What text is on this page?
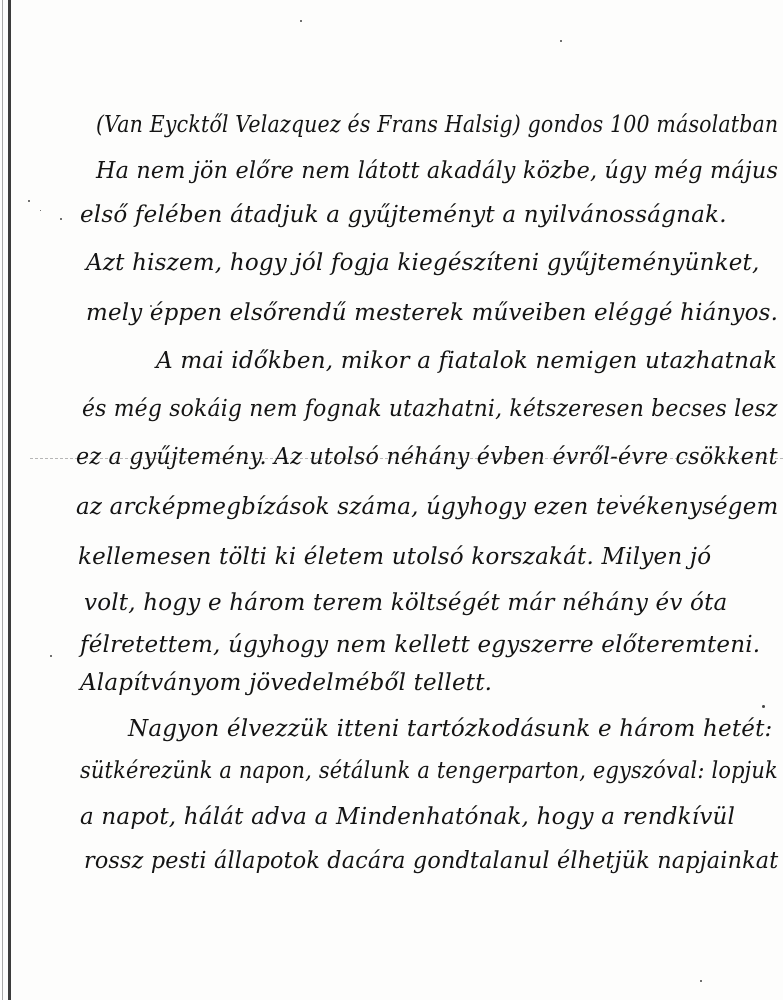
(Van Eycktől Velazquez és Frans Halsig) gondos 100 másolatban
Ha nem jön előre nem látott akadály közbe, úgy még május
első felében átadjuk a gyűjteményt a nyilvánosságnak.
Azt hiszem, hogy jól fogja kiegészíteni gyűjteményünket,
mely éppen elsőrendű mesterek műveiben eléggé hiányos.
A mai időkben, mikor a fiatalok nemigen utazhatnak
és még sokáig nem fognak utazhatni, kétszeresen becses lesz
ez a gyűjtemény. Az utolsó néhány évben évről-évre csökkent
az arcképmegbízások száma, úgyhogy ezen tevékenységem
kellemesen tölti ki életem utolsó korszakát. Milyen jó
volt, hogy e három terem költségét már néhány év óta
félretettem, úgyhogy nem kellett egyszerre előteremteni.
Alapítványom jövedelméből tellett.
Nagyon élvezzük itteni tartózkodásunk e három hetét:
sütkérezünk a napon, sétálunk a tengerparton, egyszóval: lopjuk
a napot, hálát adva a Mindenhatónak, hogy a rendkívül
rossz pesti állapotok dacára gondtalanul élhetjük napjainkat
